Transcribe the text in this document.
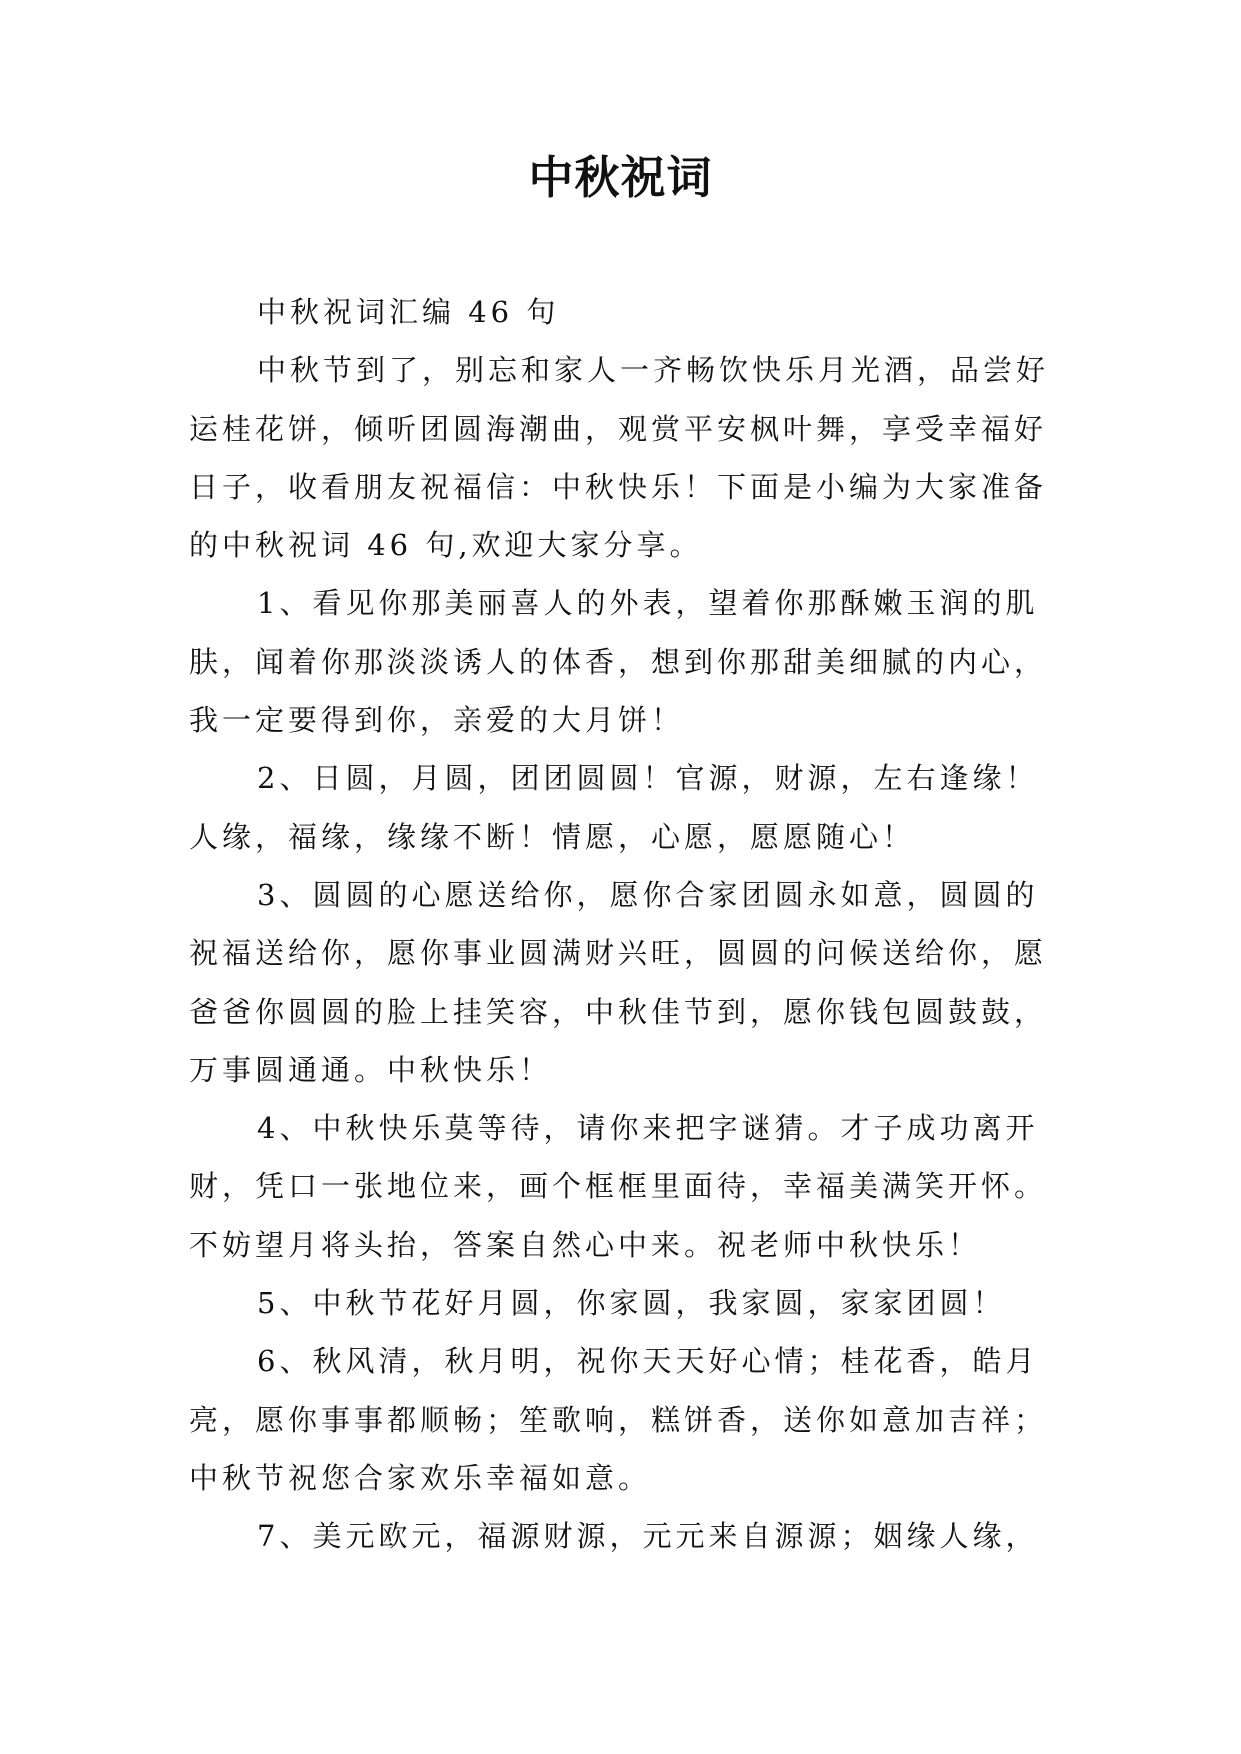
中秋祝词
中秋祝词汇编 46 句
中秋节到了，别忘和家人一齐畅饮快乐月光酒，品尝好
运桂花饼，倾听团圆海潮曲，观赏平安枫叶舞，享受幸福好
日子，收看朋友祝福信：中秋快乐！下面是小编为大家准备
的中秋祝词 46 句,欢迎大家分享。
1、看见你那美丽喜人的外表，望着你那酥嫩玉润的肌
肤，闻着你那淡淡诱人的体香，想到你那甜美细腻的内心，
我一定要得到你，亲爱的大月饼！
2、日圆，月圆，团团圆圆！官源，财源，左右逢缘！
人缘，福缘，缘缘不断！情愿，心愿，愿愿随心！
3、圆圆的心愿送给你，愿你合家团圆永如意，圆圆的
祝福送给你，愿你事业圆满财兴旺，圆圆的问候送给你，愿
爸爸你圆圆的脸上挂笑容，中秋佳节到，愿你钱包圆鼓鼓，
万事圆通通。中秋快乐！
4、中秋快乐莫等待，请你来把字谜猜。才子成功离开
财，凭口一张地位来，画个框框里面待，幸福美满笑开怀。
不妨望月将头抬，答案自然心中来。祝老师中秋快乐！
5、中秋节花好月圆，你家圆，我家圆，家家团圆！
6、秋风清，秋月明，祝你天天好心情；桂花香，皓月
亮，愿你事事都顺畅；笙歌响，糕饼香，送你如意加吉祥；
中秋节祝您合家欢乐幸福如意。
7、美元欧元，福源财源，元元来自源源；姻缘人缘，
